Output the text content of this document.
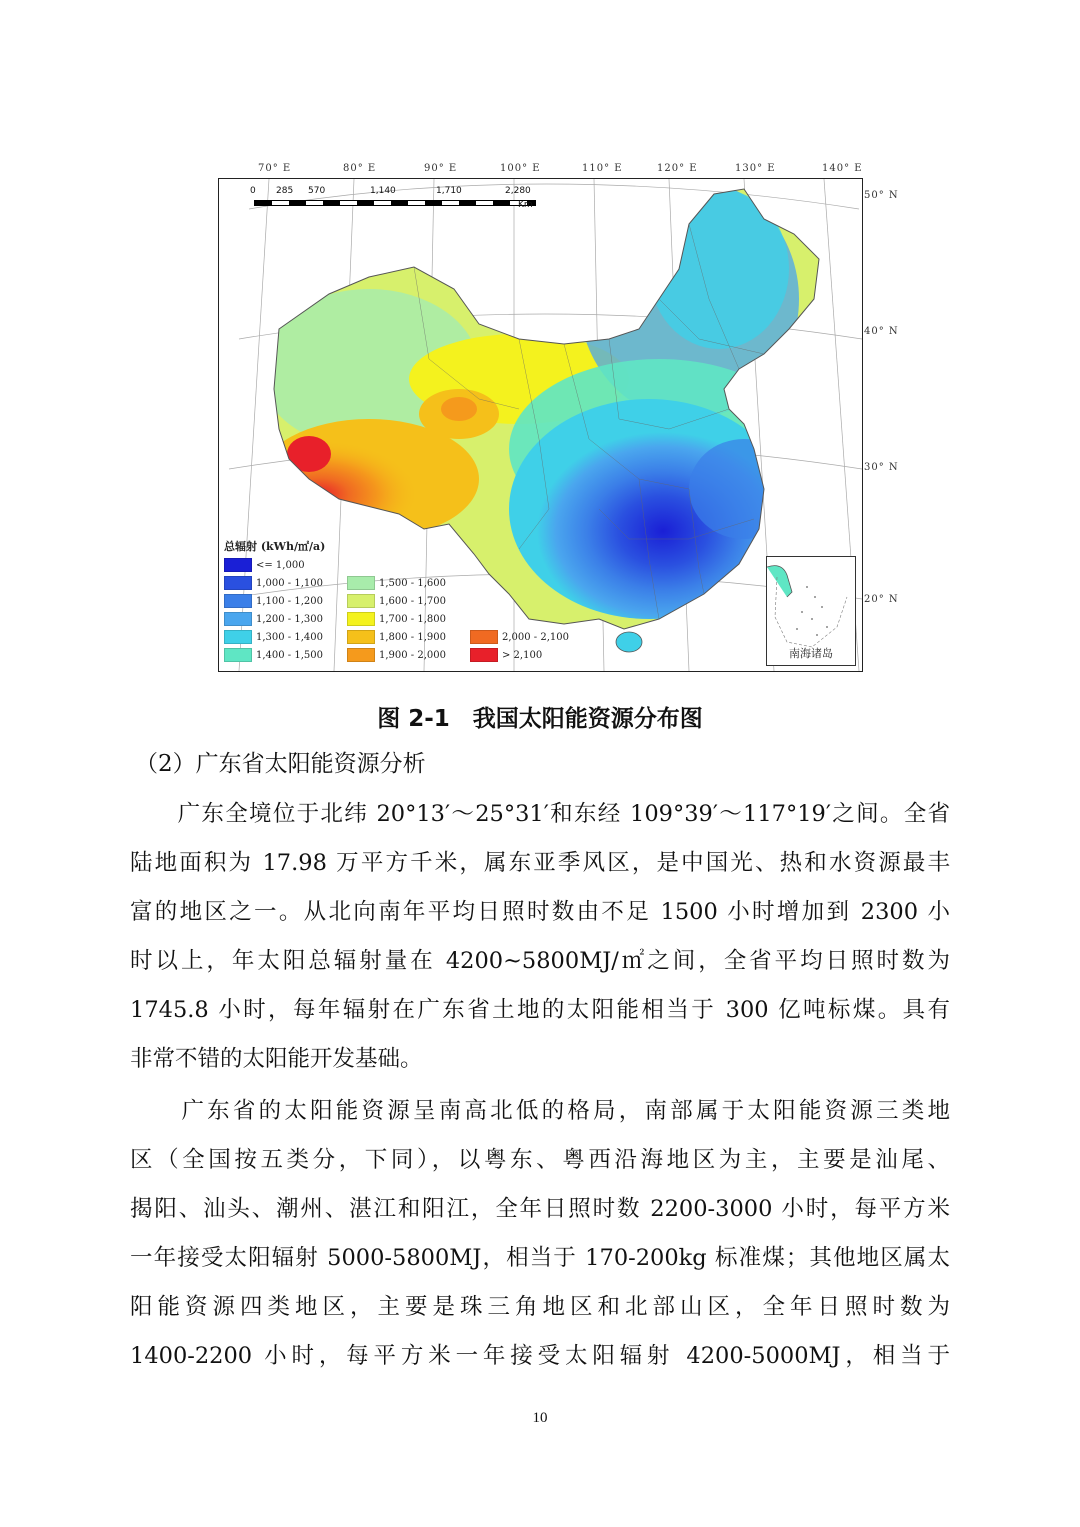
70° E	80° E	90° E	100° E	110° E	120° E	130° E	140° E
50° N
40° N
30° N
20° N
0 285 570	1,140	1,710	2,280
Km
总辐射 (kWh/㎡/a)
<= 1,000
1,000 - 1,100
1,100 - 1,200
1,200 - 1,300
1,300 - 1,400
1,400 - 1,500
1,500 - 1,600
1,600 - 1,700
1,700 - 1,800
1,800 - 1,900
1,900 - 2,000
2,000 - 2,100
> 2,100	南海诸岛
图 2-1　我国太阳能资源分布图
（2）广东省太阳能资源分析
　　广东全境位于北纬 20°13′～25°31′和东经 109°39′～117°19′之间。全省
陆地面积为 17.98 万平方千米，属东亚季风区，是中国光、热和水资源最丰
富的地区之一。从北向南年平均日照时数由不足 1500 小时增加到 2300 小
时以上，年太阳总辐射量在 4200~5800MJ/㎡之间，全省平均日照时数为
1745.8 小时，每年辐射在广东省土地的太阳能相当于 300 亿吨标煤。具有
非常不错的太阳能开发基础。
　　广东省的太阳能资源呈南高北低的格局，南部属于太阳能资源三类地
区（全国按五类分，下同），以粤东、粤西沿海地区为主，主要是汕尾、
揭阳、汕头、潮州、湛江和阳江，全年日照时数 2200-3000 小时，每平方米
一年接受太阳辐射 5000-5800MJ，相当于 170-200kg 标准煤；其他地区属太
阳能资源四类地区，主要是珠三角地区和北部山区，全年日照时数为
1400-2200 小时，每平方米一年接受太阳辐射 4200-5000MJ，相当于
10
